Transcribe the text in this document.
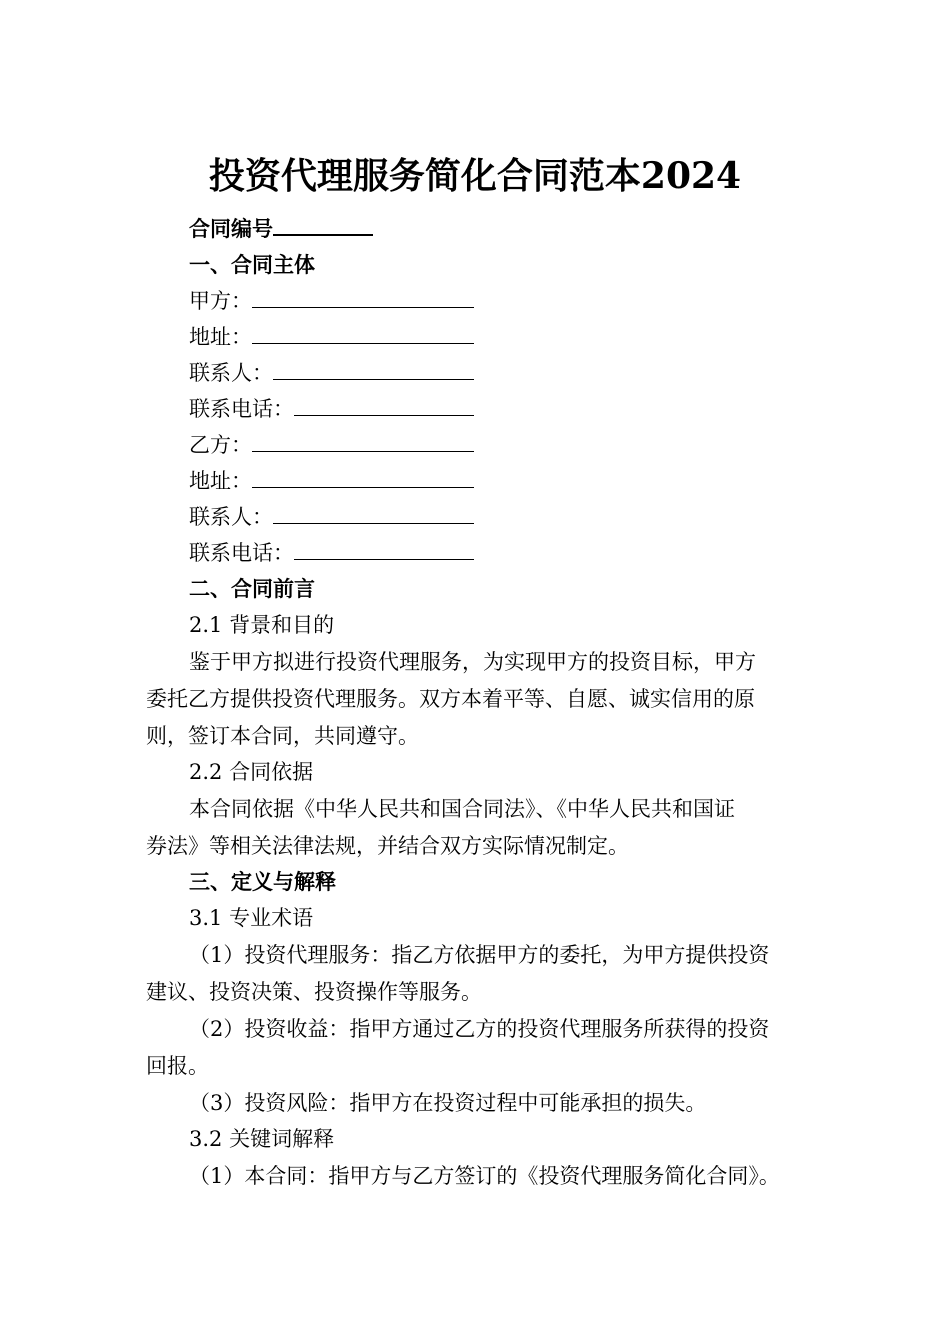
投资代理服务简化合同范本2024
合同编号
一、合同主体
甲方：
地址：
联系人：
联系电话：
乙方：
地址：
联系人：
联系电话：
二、合同前言
2.1 背景和目的
鉴于甲方拟进行投资代理服务，为实现甲方的投资目标，甲方
委托乙方提供投资代理服务。双方本着平等、自愿、诚实信用的原
则，签订本合同，共同遵守。
2.2 合同依据
本合同依据《中华人民共和国合同法》、《中华人民共和国证
券法》等相关法律法规，并结合双方实际情况制定。
三、定义与解释
3.1 专业术语
（1）投资代理服务：指乙方依据甲方的委托，为甲方提供投资
建议、投资决策、投资操作等服务。
（2）投资收益：指甲方通过乙方的投资代理服务所获得的投资
回报。
（3）投资风险：指甲方在投资过程中可能承担的损失。
3.2 关键词解释
（1）本合同：指甲方与乙方签订的《投资代理服务简化合同》。
